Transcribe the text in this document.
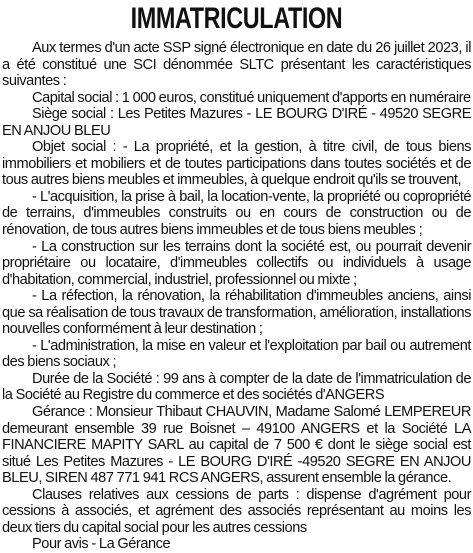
IMMATRICULATION

Aux termes d'un acte SSP signé électronique en date du 26 juillet 2023, il a été constitué une SCI dénommée SLTC présentant les caractéristiques suivantes :

Capital social : 1 000 euros, constitué uniquement d'apports en numéraire

Siège social : Les Petites Mazures - LE BOURG D'IRÉ - 49520 SEGRE EN ANJOU BLEU

Objet social : - La propriété, et la gestion, à titre civil, de tous biens immobiliers et mobiliers et de toutes participations dans toutes sociétés et de tous autres biens meubles et immeubles, à quelque endroit qu'ils se trouvent,

- L'acquisition, la prise à bail, la location-vente, la propriété ou copropriété de terrains, d'immeubles construits ou en cours de construction ou de rénovation, de tous autres biens immeubles et de tous biens meubles ;

- La construction sur les terrains dont la société est, ou pourrait devenir propriétaire ou locataire, d'immeubles collectifs ou individuels à usage d'habitation, commercial, industriel, professionnel ou mixte ;

- La réfection, la rénovation, la réhabilitation d'immeubles anciens, ainsi que sa réalisation de tous travaux de transformation, amélioration, installations nouvelles conformément à leur destination ;

- L'administration, la mise en valeur et l'exploitation par bail ou autrement des biens sociaux ;

Durée de la Société : 99 ans à compter de la date de l'immatriculation de la Société au Registre du commerce et des sociétés d'ANGERS

Gérance : Monsieur Thibaut CHAUVIN, Madame Salomé LEMPEREUR demeurant ensemble 39 rue Boisnet – 49100 ANGERS et la Société LA FINANCIERE MAPITY SARL au capital de 7 500 € dont le siège social est situé Les Petites Mazures - LE BOURG D'IRÉ -49520 SEGRE EN ANJOU BLEU, SIREN 487 771 941 RCS ANGERS, assurent ensemble la gérance.

Clauses relatives aux cessions de parts : dispense d'agrément pour cessions à associés, et agrément des associés représentant au moins les deux tiers du capital social pour les autres cessions

Pour avis - La Gérance
